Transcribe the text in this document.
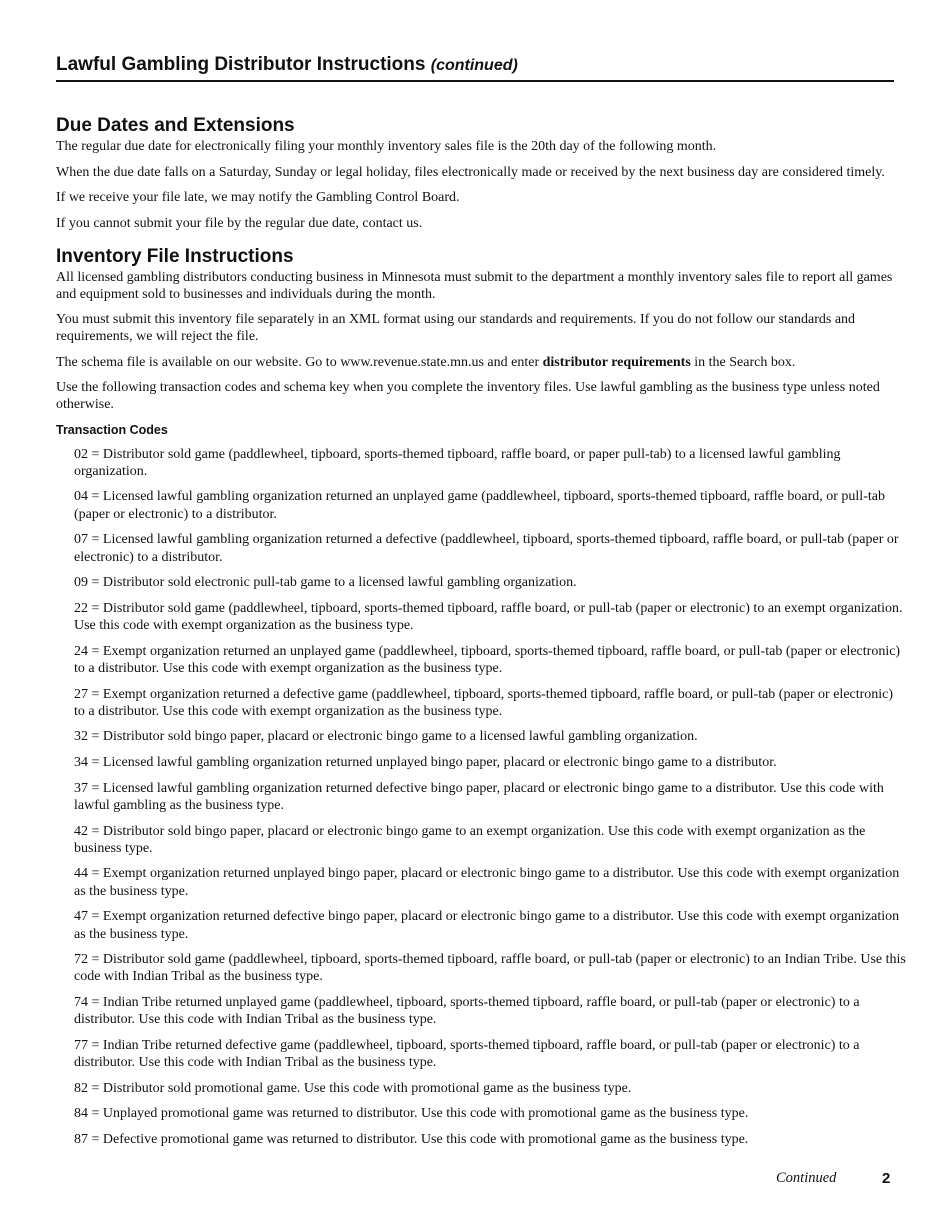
Lawful Gambling Distributor Instructions (continued)
Due Dates and Extensions

The regular due date for electronically filing your monthly inventory sales file is the 20th day of the following month.

When the due date falls on a Saturday, Sunday or legal holiday, files electronically made or received by the next business day are considered timely.

If we receive your file late, we may notify the Gambling Control Board.

If you cannot submit your file by the regular due date, contact us.

Inventory File Instructions

All licensed gambling distributors conducting business in Minnesota must submit to the department a monthly inventory sales file to report all games and equipment sold to businesses and individuals during the month.

You must submit this inventory file separately in an XML format using our standards and requirements. If you do not follow our standards and requirements, we will reject the file.

The schema file is available on our website. Go to www.revenue.state.mn.us and enter distributor requirements in the Search box.

Use the following transaction codes and schema key when you complete the inventory files. Use lawful gambling as the business type unless noted otherwise.

Transaction Codes
02 = Distributor sold game (paddlewheel, tipboard, sports-themed tipboard, raffle board, or paper pull-tab) to a licensed lawful gambling organization.
04 = Licensed lawful gambling organization returned an unplayed game (paddlewheel, tipboard, sports-themed tipboard, raffle board, or pull-tab (paper or electronic) to a distributor.
07 = Licensed lawful gambling organization returned a defective (paddlewheel, tipboard, sports-themed tipboard, raffle board, or pull-tab (paper or electronic) to a distributor.
09 = Distributor sold electronic pull-tab game to a licensed lawful gambling organization.
22 = Distributor sold game (paddlewheel, tipboard, sports-themed tipboard, raffle board, or pull-tab (paper or electronic) to an exempt organization. Use this code with exempt organization as the business type.
24 = Exempt organization returned an unplayed game (paddlewheel, tipboard, sports-themed tipboard, raffle board, or pull-tab (paper or electronic) to a distributor. Use this code with exempt organization as the business type.
27 = Exempt organization returned a defective game (paddlewheel, tipboard, sports-themed tipboard, raffle board, or pull-tab (paper or electronic) to a distributor. Use this code with exempt organization as the business type.
32 = Distributor sold bingo paper, placard or electronic bingo game to a licensed lawful gambling organization.
34 = Licensed lawful gambling organization returned unplayed bingo paper, placard or electronic bingo game to a distributor.
37 = Licensed lawful gambling organization returned defective bingo paper, placard or electronic bingo game to a distributor. Use this code with lawful gambling as the business type.
42 = Distributor sold bingo paper, placard or electronic bingo game to an exempt organization. Use this code with exempt organization as the business type.
44 = Exempt organization returned unplayed bingo paper, placard or electronic bingo game to a distributor. Use this code with exempt organization as the business type.
47 = Exempt organization returned defective bingo paper, placard or electronic bingo game to a distributor. Use this code with exempt organization as the business type.
72 = Distributor sold game (paddlewheel, tipboard, sports-themed tipboard, raffle board, or pull-tab (paper or electronic) to an Indian Tribe. Use this code with Indian Tribal as the business type.
74 = Indian Tribe returned unplayed game (paddlewheel, tipboard, sports-themed tipboard, raffle board, or pull-tab (paper or electronic) to a distributor. Use this code with Indian Tribal as the business type.
77 = Indian Tribe returned defective game (paddlewheel, tipboard, sports-themed tipboard, raffle board, or pull-tab (paper or electronic) to a distributor. Use this code with Indian Tribal as the business type.
82 = Distributor sold promotional game. Use this code with promotional game as the business type.
84 = Unplayed promotional game was returned to distributor. Use this code with promotional game as the business type.
87 = Defective promotional game was returned to distributor. Use this code with promotional game as the business type.
Continued	2
